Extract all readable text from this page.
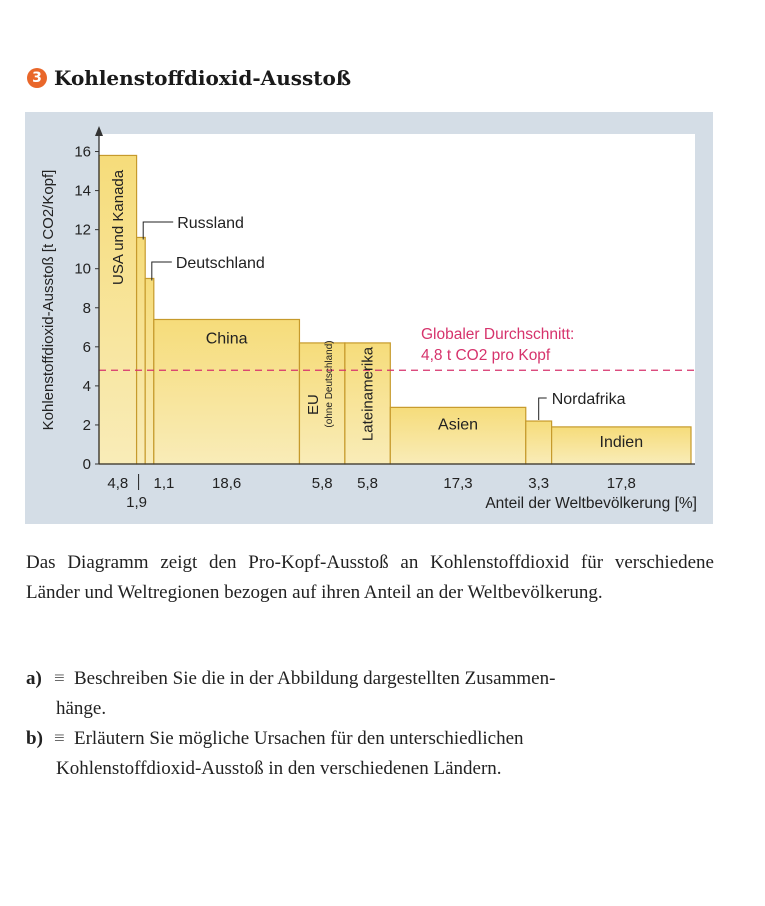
3 Kohlenstoffdioxid-Ausstoß
Globaler Durchschnitt:
4,8 t CO2 pro Kopf
0
2
4
6
8
10
12
14
16
Kohlenstoffdioxid-Ausstoß [t CO2/Kopf]
4,8 1,1
1,9
18,6	5,8 5,8	17,3	3,3	17,8
Anteil der Weltbevölkerung [%]
USA und Kanada	Russland
Deutschland
China
EU (ohne Deutschland) Lateinamerika	Asien
Nordafrika
Indien
Das Diagramm zeigt den Pro-Kopf-Ausstoß an Kohlenstoffdioxid für verschiedene Länder und Weltregionen bezogen auf ihren Anteil an der Weltbevölkerung.
a) ≡ Beschreiben Sie die in der Abbildung dargestellten Zusammen-
hänge.
b) ≡ Erläutern Sie mögliche Ursachen für den unterschiedlichen
Kohlenstoffdioxid-Ausstoß in den verschiedenen Ländern.
